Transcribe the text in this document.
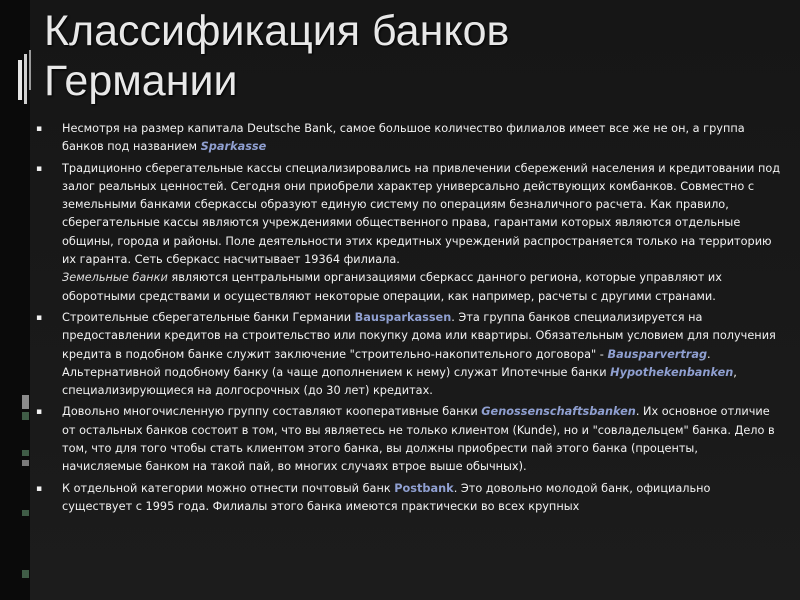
Классификация банков
Германии
▪	Несмотря на размер капитала Deutsche Bank, самое большое количество филиалов имеет все же не он, а группа банков под названием Sparkasse
▪	Традиционно сберегательные кассы специализировались на привлечении сбережений населения и кредитовании под залог реальных ценностей. Сегодня они приобрели характер универсально действующих комбанков. Совместно с земельными банками сберкассы образуют единую систему по операциям безналичного расчета. Как правило, сберегательные кассы являются учреждениями общественного права, гарантами которых являются отдельные общины, города и районы. Поле деятельности этих кредитных учреждений распространяется только на территорию их гаранта. Сеть сберкасс насчитывает 19364 филиала.
Земельные банки являются центральными организациями сберкасс данного региона, которые управляют их оборотными средствами и осуществляют некоторые операции, как например, расчеты с другими странами.
▪	Строительные сберегательные банки Германии Bausparkassen. Эта группа банков специализируется на предоставлении кредитов на строительство или покупку дома или квартиры. Обязательным условием для получения кредита в подобном банке служит заключение "строительно-накопительного договора" - Bausparvertrag. Альтернативной подобному банку (а чаще дополнением к нему) служат Ипотечные банки Hypothekenbanken, специализирующиеся на долгосрочных (до 30 лет) кредитах.
▪	Довольно многочисленную группу составляют кооперативные банки Genossenschaftsbanken. Их основное отличие от остальных банков состоит в том, что вы являетесь не только клиентом (Kunde), но и "совладельцем" банка. Дело в том, что для того чтобы стать клиентом этого банка, вы должны приобрести пай этого банка (проценты, начисляемые банком на такой пай, во многих случаях втрое выше обычных).
▪	К отдельной категории можно отнести почтовый банк Postbank. Это довольно молодой банк, официально существует с 1995 года. Филиалы этого банка имеются практически во всех крупных
